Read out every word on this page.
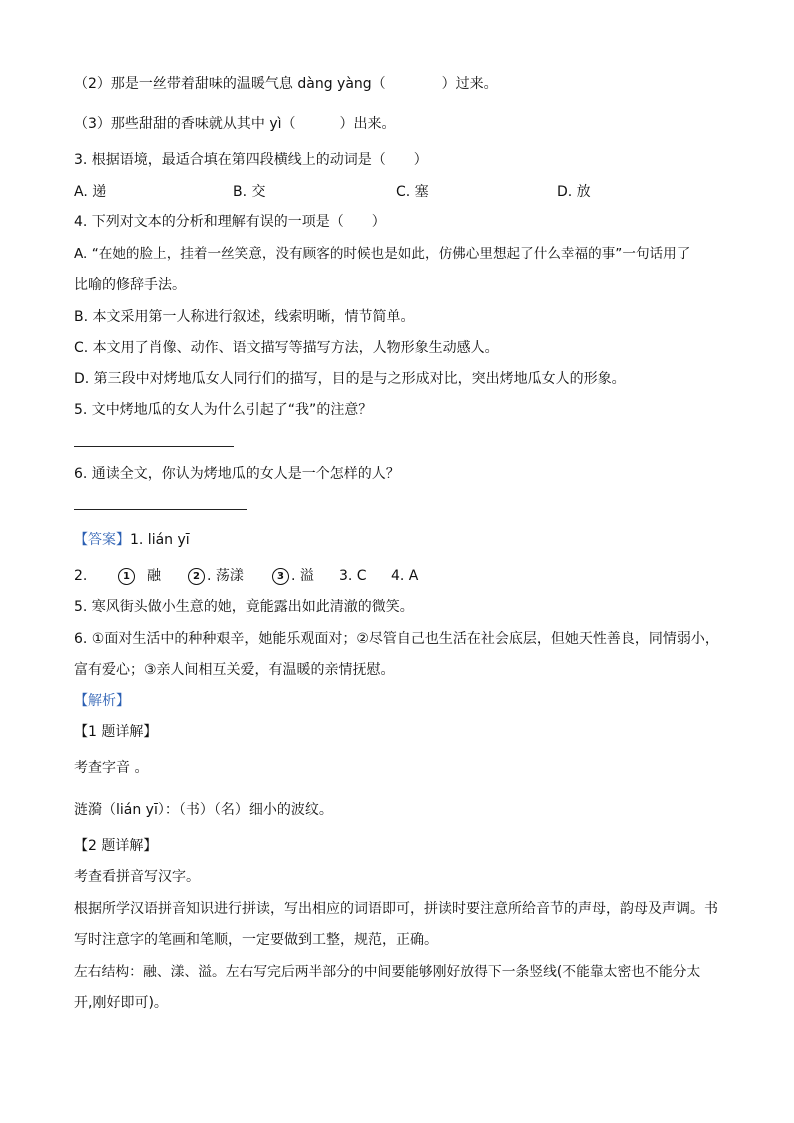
（2）那是一丝带着甜味的温暖气息 dàng yàng（	）过来。
（3）那些甜甜的香味就从其中 yì（	）出来。
3. 根据语境，最适合填在第四段横线上的动词是（　　）
A. 递	B. 交	C. 塞	D. 放
4. 下列对文本的分析和理解有误的一项是（　　）
A. “在她的脸上，挂着一丝笑意，没有顾客的时候也是如此，仿佛心里想起了什么幸福的事”一句话用了
比喻的修辞手法。
B. 本文采用第一人称进行叙述，线索明晰，情节简单。
C. 本文用了肖像、动作、语文描写等描写方法，人物形象生动感人。
D. 第三段中对烤地瓜女人同行们的描写，目的是与之形成对比，突出烤地瓜女人的形象。
5. 文中烤地瓜的女人为什么引起了“我”的注意？
6. 通读全文，你认为烤地瓜的女人是一个怎样的人？
【答案】1. lián yī
2.	1 融	2 . 荡漾	3 . 溢 3. C 4. A
5. 寒风街头做小生意的她，竟能露出如此清澈的微笑。
6. ①面对生活中的种种艰辛，她能乐观面对；②尽管自己也生活在社会底层，但她天性善良，同情弱小，
富有爱心；③亲人间相互关爱，有温暖的亲情抚慰。
【解析】
【1 题详解】
考查字音 。
涟漪（lián yī）：（书）（名）细小的波纹。
【2 题详解】
考查看拼音写汉字。
根据所学汉语拼音知识进行拼读，写出相应的词语即可，拼读时要注意所给音节的声母，韵母及声调。书
写时注意字的笔画和笔顺，一定要做到工整，规范，正确。
左右结构：融、漾、溢。左右写完后两半部分的中间要能够刚好放得下一条竖线(不能靠太密也不能分太
开,刚好即可)。
